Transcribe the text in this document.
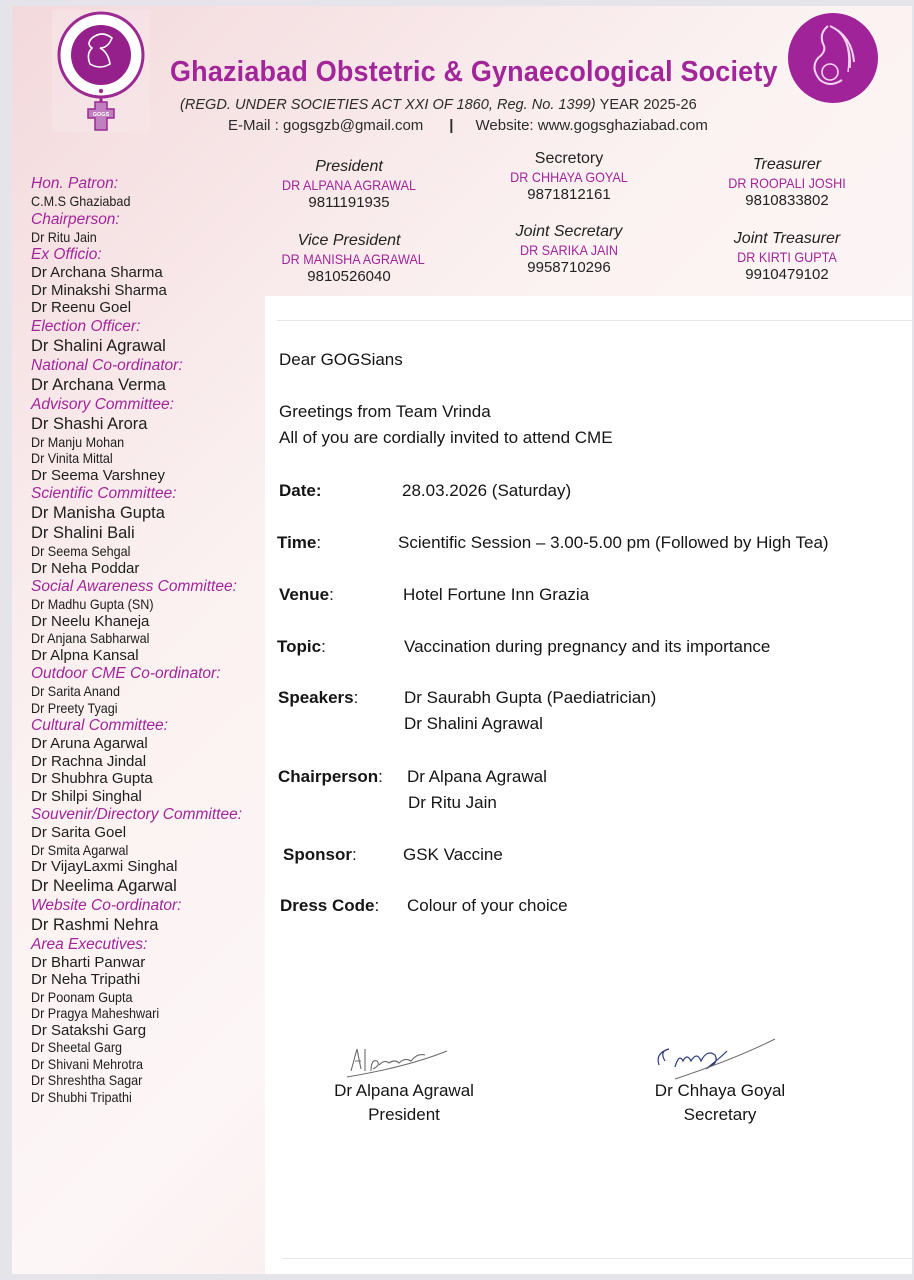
GOGS
Ghaziabad Obstetric & Gynaecological Society
(REGD. UNDER SOCIETIES ACT XXI OF 1860, Reg. No. 1399) YEAR 2025-26
E-Mail : gogsgzb@gmail.com | Website: www.gogsghaziabad.com
President
DR ALPANA AGRAWAL
9811191935
Secretory
DR CHHAYA GOYAL
9871812161
Treasurer
DR ROOPALI JOSHI
9810833802
Vice President
DR MANISHA AGRAWAL
9810526040
Joint Secretary
DR SARIKA JAIN
9958710296
Joint Treasurer
DR KIRTI GUPTA
9910479102
Hon. Patron:
C.M.S Ghaziabad
Chairperson:
Dr Ritu Jain
Ex Officio:
Dr Archana Sharma
Dr Minakshi Sharma
Dr Reenu Goel
Election Officer:
Dr Shalini Agrawal
National Co-ordinator:
Dr Archana Verma
Advisory Committee:
Dr Shashi Arora
Dr Manju Mohan
Dr Vinita Mittal
Dr Seema Varshney
Scientific Committee:
Dr Manisha Gupta
Dr Shalini Bali
Dr Seema Sehgal
Dr Neha Poddar
Social Awareness Committee:
Dr Madhu Gupta (SN)
Dr Neelu Khaneja
Dr Anjana Sabharwal
Dr Alpna Kansal
Outdoor CME Co-ordinator:
Dr Sarita Anand
Dr Preety Tyagi
Cultural Committee:
Dr Aruna Agarwal
Dr Rachna Jindal
Dr Shubhra Gupta
Dr Shilpi Singhal
Souvenir/Directory Committee:
Dr Sarita Goel
Dr Smita Agarwal
Dr VijayLaxmi Singhal
Dr Neelima Agarwal
Website Co-ordinator:
Dr Rashmi Nehra
Area Executives:
Dr Bharti Panwar
Dr Neha Tripathi
Dr Poonam Gupta
Dr Pragya Maheshwari
Dr Satakshi Garg
Dr Sheetal Garg
Dr Shivani Mehrotra
Dr Shreshtha Sagar
Dr Shubhi Tripathi
Dear GOGSians
Greetings from Team Vrinda
All of you are cordially invited to attend CME
Date:	28.03.2026 (Saturday)
Time:	Scientific Session – 3.00-5.00 pm (Followed by High Tea)
Venue:	Hotel Fortune Inn Grazia
Topic:	Vaccination during pregnancy and its importance
Speakers:	Dr Saurabh Gupta (Paediatrician)
Dr Shalini Agrawal
Chairperson: Dr Alpana Agrawal
Dr Ritu Jain
Sponsor:	GSK Vaccine
Dress Code: Colour of your choice
Dr Alpana Agrawal
President
Dr Chhaya Goyal
Secretary
